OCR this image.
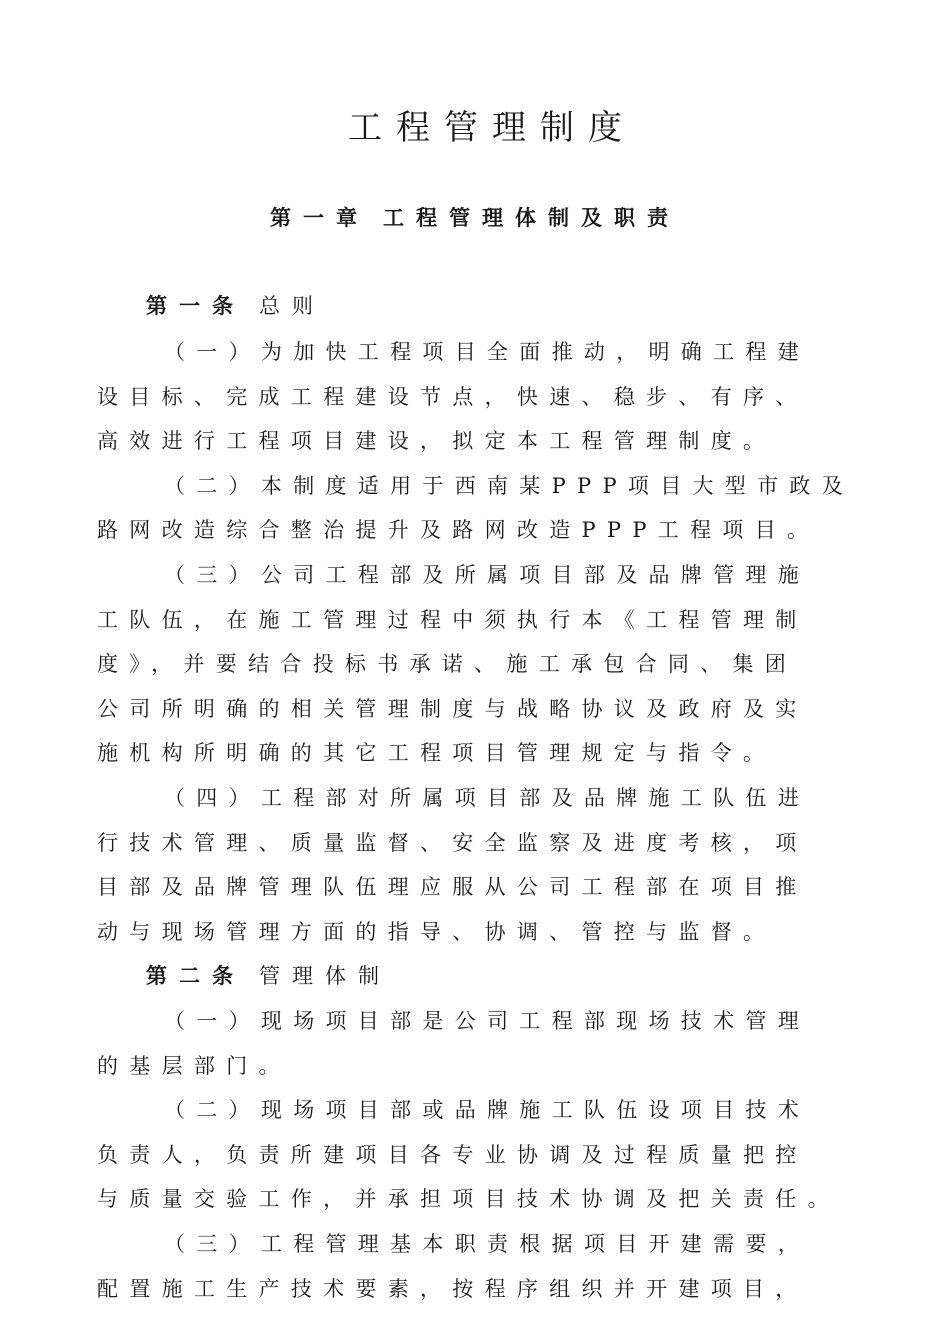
工程管理制度
第一章 工程管理体制及职责
第一条 总则
（一）为加快工程项目全面推动，明确工程建
设目标、完成工程建设节点，快速、稳步、有序、
高效进行工程项目建设，拟定本工程管理制度。
（二）本制度适用于西南某PPP项目大型市政及
路网改造综合整治提升及路网改造PPP工程项目。
（三）公司工程部及所属项目部及品牌管理施
工队伍，在施工管理过程中须执行本《工程管理制
度》，并要结合投标书承诺、施工承包合同、集团
公司所明确的相关管理制度与战略协议及政府及实
施机构所明确的其它工程项目管理规定与指令。
（四）工程部对所属项目部及品牌施工队伍进
行技术管理、质量监督、安全监察及进度考核，项
目部及品牌管理队伍理应服从公司工程部在项目推
动与现场管理方面的指导、协调、管控与监督。
第二条 管理体制
（一）现场项目部是公司工程部现场技术管理
的基层部门。
（二）现场项目部或品牌施工队伍设项目技术
负责人，负责所建项目各专业协调及过程质量把控
与质量交验工作，并承担项目技术协调及把关责任。
（三）工程管理基本职责根据项目开建需要，
配置施工生产技术要素，按程序组织并开建项目，
